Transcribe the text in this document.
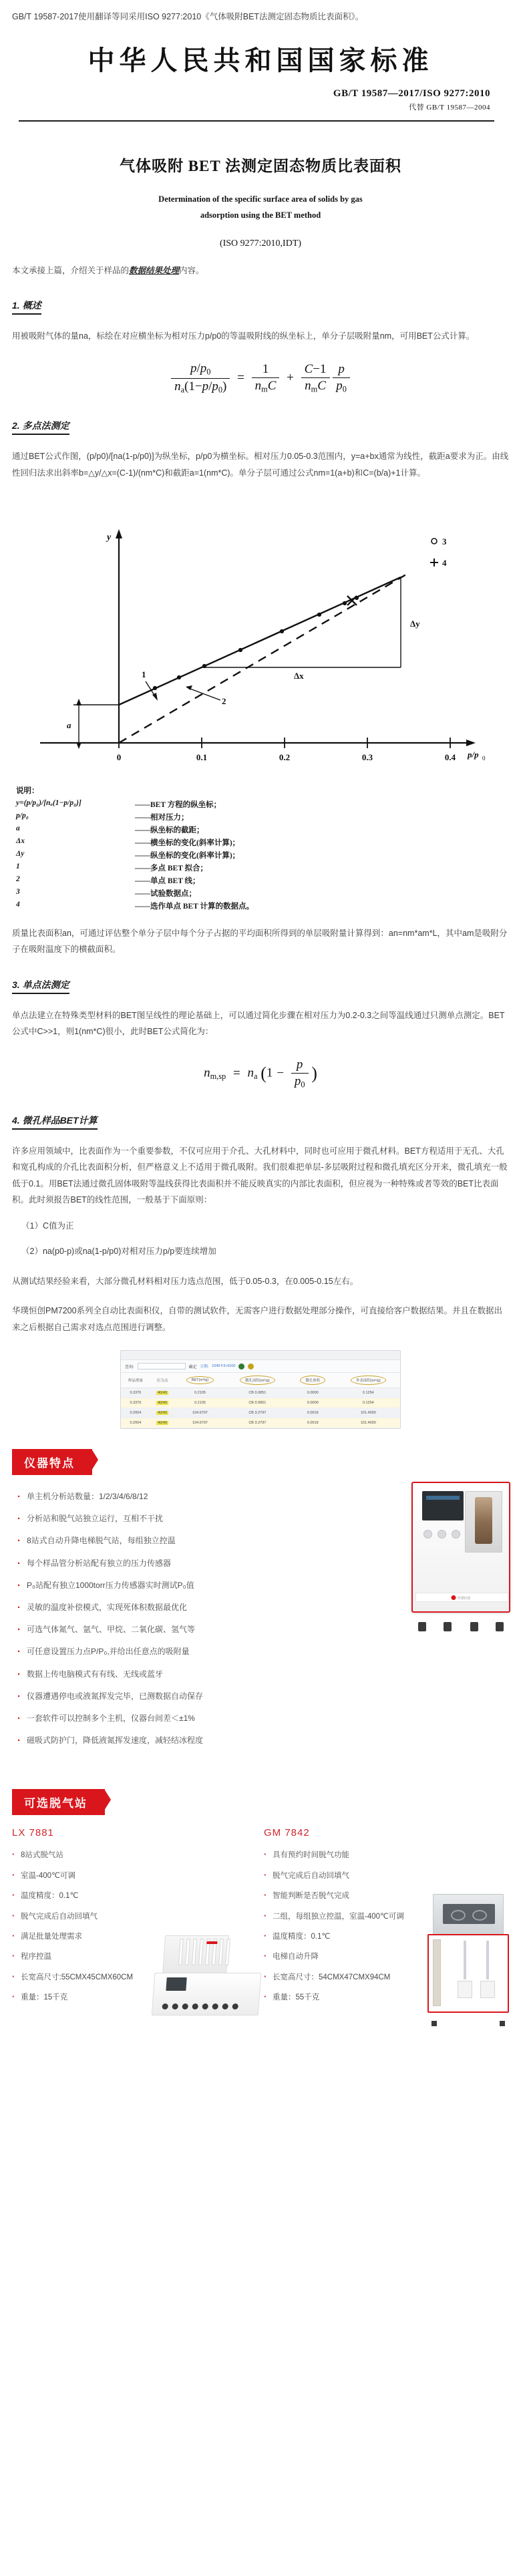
GB/T 19587-2017使用翻译等同采用ISO 9277:2010《气体吸附BET法测定固态物质比表面积》。
中华人民共和国国家标准
GB/T 19587—2017/ISO 9277:2010
代替 GB/T 19587—2004
气体吸附 BET 法测定固态物质比表面积
Determination of the specific surface area of solids by gas
adsorption using the BET method
(ISO 9277:2010,IDT)
本文承接上篇，介绍关于样品的数据结果处理内容。
1. 概述
用被吸附气体的量na，标绘在对应横坐标为相对压力p/p0的等温吸附线的纵坐标上，单分子层吸附量nm，可用BET公式计算。
$\frac{p/p0}{na(1-p/p0)} = \frac{1}{\text{nmC}} + \frac{C-1}{\text{nmC}}$
$\frac{p}{p0}$
2. 多点法测定
通过BET公式作图，(p/p0)/[na(1-p/p0)]为纵坐标，p/p0为横坐标。相对压力0.05-0.3范围内，y=a+bx通常为线性，截距a要求为正。由线性回归法求出斜率b=△y/△x=(C-1)/(nm*C)和截距a=1(nm*C)。单分子层可通过公式nm=1(a+b)和C=(b/a)+1计算。
y
p/p 0
0	0.1	0.2	0.3	0.4
a
Δx
Δy
1
2
3
4
说明：
y=(p/p₀)/[nₐ(1−p/p₀)]	——BET 方程的纵坐标；
p/p₀	——相对压力；
a	——纵坐标的截距；
Δx	——横坐标的变化(斜率计算)；
Δy	——纵坐标的变化(斜率计算)；
1	——多点 BET 拟合；
2	——单点 BET 线；
3	——试验数据点；
4	——选作单点 BET 计算的数据点。
质量比表面积an，可通过评估整个单分子层中每个分子占据的平均面积所得到的单层吸附量计算得到：an=nm*am*L，其中am是吸附分子在吸附温度下的横截面积。
3. 单点法测定
单点法建立在特殊类型材料的BET图呈线性的理论基础上，可以通过简化步骤在相对压力为0.2-0.3之间等温线通过只测单点测定。BET公式中C>>1，则1(nm*C)很小，此时BET公式简化为：
nm,sp = na ($1 - \frac{p}{p0}$ )
4. 微孔样品BET计算
许多应用领域中，比表面作为一个重要参数，不仅可应用于介孔、大孔材料中，同时也可应用于微孔材料。BET方程适用于无孔、大孔和宽孔构成的介孔比表面积分析，但严格意义上不适用于微孔吸附。我们很难把单层-多层吸附过程和微孔填充区分开来，微孔填充一般低于0.1。用BET法通过微孔固体吸附等温线获得比表面积并不能反映真实的内部比表面积，但应视为一种特殊或者等效的BET比表面积。此时须报告BET的线性范围，一般基于下面原则：
（1）C值为正
（2）na(p0-p)或na(1-p/p0)对相对压力p/p要连续增加
从测试结果经验来看，大部分微孔材料相对压力选点范围，低于0.05-0.3，在0.005-0.15左右。
华璞恒创PM7200系列全自动比表面积仪，自带的测试软件，无需客户进行数据处理部分操作，可直接给客户数据结果。并且在数据出来之后根据自己需求对选点范围进行调整。
查询:	确定 日期: 1049 F3-H100
样品重量	压力点	BET(m²/g)	微孔面积(m²/g)	微孔体积	外表面积(m²/g)
0.3376	40/40	0.2105	CB 0.0851	0.0000	0.1254
0.3376	40/40	0.2105	CB 0.0851	0.0000	0.1254
0.2004	40/40	104.6797	CB 3.2797	0.0019	101.4000
0.2004	40/40	104.6797	CB 3.2797	0.0019	101.4000
仪器特点
华璞恒创
· 单主机分析站数量：1/2/3/4/6/8/12
· 分析站和脱气站独立运行，互相不干扰
· 8站式自动升降电梯脱气站，每组独立控温
· 每个样品管分析站配有独立的压力传感器
· P₀站配有独立1000torr压力传感器实时测试P₀值
· 灵敏的温度补偿模式，实现死体积数据最优化
· 可选气体氮气、氩气、甲烷、二氧化碳、氢气等
· 可任意设置压力点P/P₀,并给出任意点的吸附量
· 数据上传电脑模式有有线、无线或蓝牙
· 仪器遭遇停电或液氮挥发完毕，已测数据自动保存
· 一套软件可以控制多个主机，仪器台间差＜±1%
· 磁吸式防护门，降低液氮挥发速度，减轻结冰程度
可选脱气站
LX 7881
· 8站式脱气站
· 室温-400℃可调
· 温度精度：0.1℃
· 脱气完成后自动回填气
· 满足批量处理需求
· 程序控温
· 长宽高尺寸:55CMX45CMX60CM
· 重量：15千克
GM 7842
· 具有预约时间脱气功能
· 脱气完成后自动回填气
· 智能判断是否脱气完成
· 二组，每组独立控温，室温-400℃可调
· 温度精度：0.1℃
· 电梯自动升降
· 长宽高尺寸：54CMX47CMX94CM
· 重量：55千克
